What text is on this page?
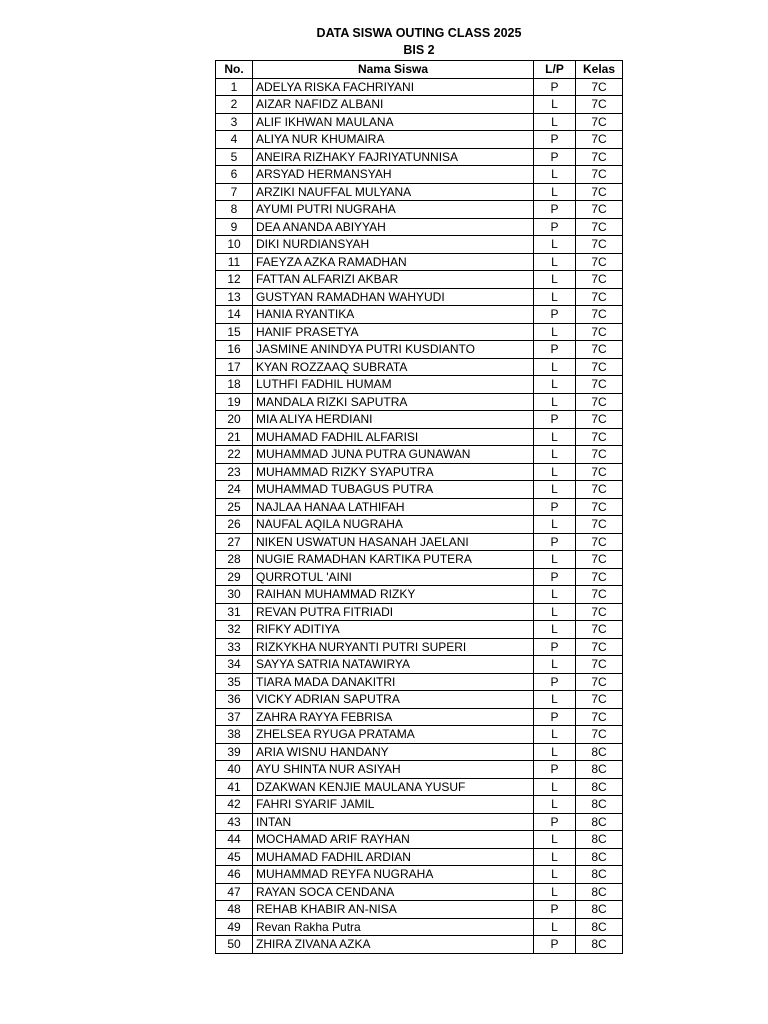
DATA SISWA OUTING CLASS 2025
BIS 2
No.	Nama Siswa	L/P	Kelas
1	ADELYA RISKA FACHRIYANI	P	7C
2	AIZAR NAFIDZ ALBANI	L	7C
3	ALIF IKHWAN MAULANA	L	7C
4	ALIYA NUR KHUMAIRA	P	7C
5	ANEIRA RIZHAKY FAJRIYATUNNISA	P	7C
6	ARSYAD HERMANSYAH	L	7C
7	ARZIKI NAUFFAL MULYANA	L	7C
8	AYUMI PUTRI NUGRAHA	P	7C
9	DEA ANANDA ABIYYAH	P	7C
10	DIKI NURDIANSYAH	L	7C
11	FAEYZA AZKA RAMADHAN	L	7C
12	FATTAN ALFARIZI AKBAR	L	7C
13	GUSTYAN RAMADHAN WAHYUDI	L	7C
14	HANIA RYANTIKA	P	7C
15	HANIF PRASETYA	L	7C
16	JASMINE ANINDYA PUTRI KUSDIANTO	P	7C
17	KYAN ROZZAAQ SUBRATA	L	7C
18	LUTHFI FADHIL HUMAM	L	7C
19	MANDALA RIZKI SAPUTRA	L	7C
20	MIA ALIYA HERDIANI	P	7C
21	MUHAMAD FADHIL ALFARISI	L	7C
22	MUHAMMAD JUNA PUTRA GUNAWAN	L	7C
23	MUHAMMAD RIZKY SYAPUTRA	L	7C
24	MUHAMMAD TUBAGUS PUTRA	L	7C
25	NAJLAA HANAA LATHIFAH	P	7C
26	NAUFAL AQILA NUGRAHA	L	7C
27	NIKEN USWATUN HASANAH JAELANI	P	7C
28	NUGIE RAMADHAN KARTIKA PUTERA	L	7C
29	QURROTUL 'AINI	P	7C
30	RAIHAN MUHAMMAD RIZKY	L	7C
31	REVAN PUTRA FITRIADI	L	7C
32	RIFKY ADITIYA	L	7C
33	RIZKYKHA NURYANTI PUTRI SUPERI	P	7C
34	SAYYA SATRIA NATAWIRYA	L	7C
35	TIARA MADA DANAKITRI	P	7C
36	VICKY ADRIAN SAPUTRA	L	7C
37	ZAHRA RAYYA FEBRISA	P	7C
38	ZHELSEA RYUGA PRATAMA	L	7C
39	ARIA WISNU HANDANY	L	8C
40	AYU SHINTA NUR ASIYAH	P	8C
41	DZAKWAN KENJIE MAULANA YUSUF	L	8C
42	FAHRI SYARIF JAMIL	L	8C
43	INTAN	P	8C
44	MOCHAMAD ARIF RAYHAN	L	8C
45	MUHAMAD FADHIL ARDIAN	L	8C
46	MUHAMMAD REYFA NUGRAHA	L	8C
47	RAYAN SOCA CENDANA	L	8C
48	REHAB KHABIR AN-NISA	P	8C
49	Revan Rakha Putra	L	8C
50	ZHIRA ZIVANA AZKA	P	8C
